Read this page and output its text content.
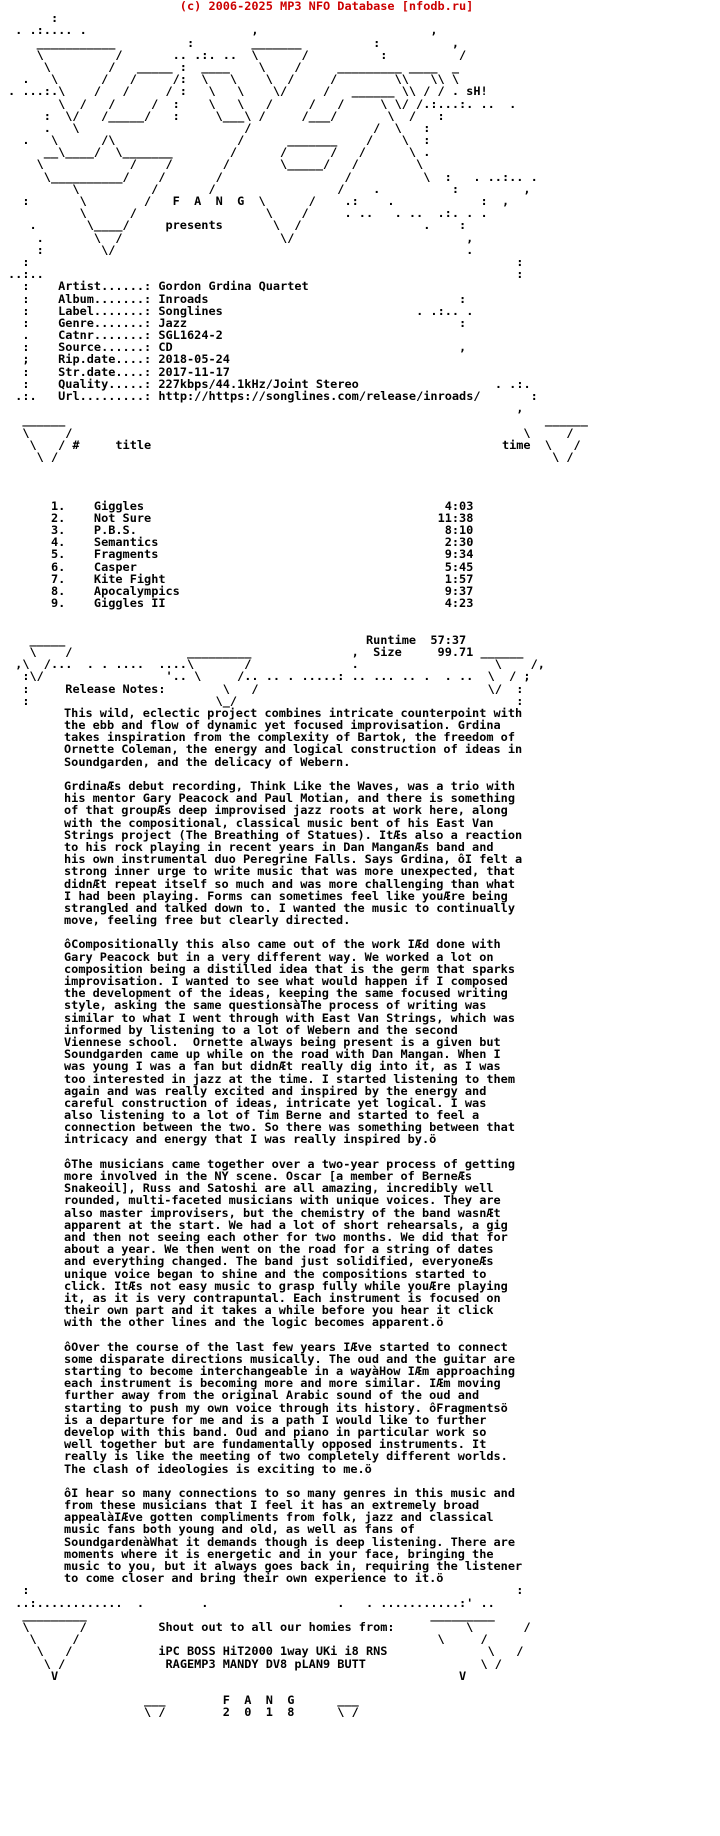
(c) 2006-2025 MP3 NFO Database [nfodb.ru]
:
. .:.... .                       ,                        ,
___________          :        _______          :          ,
\          /       .. .:. ..  \      /          :          /
\        /   _____ :  ____    \    /     _________ ____  _
.   \      /   /     /:  \   \    \  /     /        \\   \\ \
. ...:.\    /   /     / :   \   \    \/     /   ______ \\ / / . sH!
\  /   /     /  :    \   \   /     /   /     \ \/ /.:...:. ..  .
:  \/   /_____/   :     \___\ /     /___/       \  /   :
.   \                       /                 /  \   :
.   \      /\                 /      _______    /    \  :
__\____/  \_______        /      /      /   /      \ .
\            /    /       /       \_____/   /        \
\__________/    /       /                 /          \  :   . ..:.. .
\          /       /                 /    .          :         ,
:       \        /   F  A  N  G  \      /    .:    .            :  ,
\      /                  \    /     . ..   . ..  .:. . .
.       \____/     presents       \  /                 .    :
.       \  /                      \/                        ,
:        \/                                                 .
:                                                                    :
..:..                                                                  :
:    Artist......: Gordon Grdina Quartet
:    Album.......: Inroads	:
:    Label.......: Songlines	. .:.. .
:    Genre.......: Jazz	:
.    Catnr.......: SGL1624-2
:    Source......: CD	,
;    Rip.date....: 2018-05-24
:    Str.date....: 2017-11-17
:    Quality.....: 227kbps/44.1kHz/Joint Stereo	. .:.
.:.   Url.........: http://https://songlines.com/release/inroads/	:
,
______                                                                   ______
\     /                                                               \     /
\   / #     title                                                 time  \   /
\ /                                                                     \ /

1. Giggles	4:03
2. Not Sure	11:38
3. P.B.S.	8:10
4. Semantics	2:30
5. Fragments	9:34
6. Casper	5:45
7. Kite Fight	1:57
8. Apocalympics	9:37
9. Giggles II	4:23

_____	Runtime 57:37
\    /                _________              ,  Size	99.71 ______
,\  /...  . . ....  ....\       /              .                   \    /,
:\/                 '.. \     /.. .. . .....: .. ... .. .  . ..  \  / ;
:	Release Notes:	\   /                                \/  :
:                          \_/                                       :
This wild, eclectic project combines intricate counterpoint with
the ebb and flow of dynamic yet focused improvisation. Grdina
takes inspiration from the complexity of Bartok, the freedom of
Ornette Coleman, the energy and logical construction of ideas in
Soundgarden, and the delicacy of Webern.

GrdinaÆs debut recording, Think Like the Waves, was a trio with
his mentor Gary Peacock and Paul Motian, and there is something
of that groupÆs deep improvised jazz roots at work here, along
with the compositional, classical music bent of his East Van
Strings project (The Breathing of Statues). ItÆs also a reaction
to his rock playing in recent years in Dan ManganÆs band and
his own instrumental duo Peregrine Falls. Says Grdina, ôI felt a
strong inner urge to write music that was more unexpected, that
didnÆt repeat itself so much and was more challenging than what
I had been playing. Forms can sometimes feel like youÆre being
strangled and talked down to. I wanted the music to continually
move, feeling free but clearly directed.

ôCompositionally this also came out of the work IÆd done with
Gary Peacock but in a very different way. We worked a lot on
composition being a distilled idea that is the germ that sparks
improvisation. I wanted to see what would happen if I composed
the development of the ideas, keeping the same focused writing
style, asking the same questionsàThe process of writing was
similar to what I went through with East Van Strings, which was
informed by listening to a lot of Webern and the second
Viennese school.  Ornette always being present is a given but
Soundgarden came up while on the road with Dan Mangan. When I
was young I was a fan but didnÆt really dig into it, as I was
too interested in jazz at the time. I started listening to them
again and was really excited and inspired by the energy and
careful construction of ideas, intricate yet logical. I was
also listening to a lot of Tim Berne and started to feel a
connection between the two. So there was something between that
intricacy and energy that I was really inspired by.ö

ôThe musicians came together over a two-year process of getting
more involved in the NY scene. Oscar [a member of BerneÆs
Snakeoil], Russ and Satoshi are all amazing, incredibly well
rounded, multi-faceted musicians with unique voices. They are
also master improvisers, but the chemistry of the band wasnÆt
apparent at the start. We had a lot of short rehearsals, a gig
and then not seeing each other for two months. We did that for
about a year. We then went on the road for a string of dates
and everything changed. The band just solidified, everyoneÆs
unique voice began to shine and the compositions started to
click. ItÆs not easy music to grasp fully while youÆre playing
it, as it is very contrapuntal. Each instrument is focused on
their own part and it takes a while before you hear it click
with the other lines and the logic becomes apparent.ö

ôOver the course of the last few years IÆve started to connect
some disparate directions musically. The oud and the guitar are
starting to become interchangeable in a wayàHow IÆm approaching
each instrument is becoming more and more similar. IÆm moving
further away from the original Arabic sound of the oud and
starting to push my own voice through its history. ôFragmentsö
is a departure for me and is a path I would like to further
develop with this band. Oud and piano in particular work so
well together but are fundamentally opposed instruments. It
really is like the meeting of two completely different worlds.
The clash of ideologies is exciting to me.ö

ôI hear so many connections to so many genres in this music and
from these musicians that I feel it has an extremely broad
appealàIÆve gotten compliments from folk, jazz and classical
music fans both young and old, as well as fans of
SoundgardenàWhat it demands though is deep listening. There are
moments where it is energetic and in your face, bringing the
music to you, but it always goes back in, requiring the listener
to come closer and bring their own experience to it.ö
:                                                                    :
..:............  .        .                  .   . ...........:' ..
_________                                                _________
\       /	Shout out to all our homies from:	\       /
\     /                                                  \     /
\   /	iPC BOSS HiT2000 1way UKi i8 RNS	\   /
\ /	RAGEMP3 MANDY DV8 pLAN9 BUTT	\ /
V                                                        V

___	F  A  N  G	___
\ /	2  0  1  8      \ /
